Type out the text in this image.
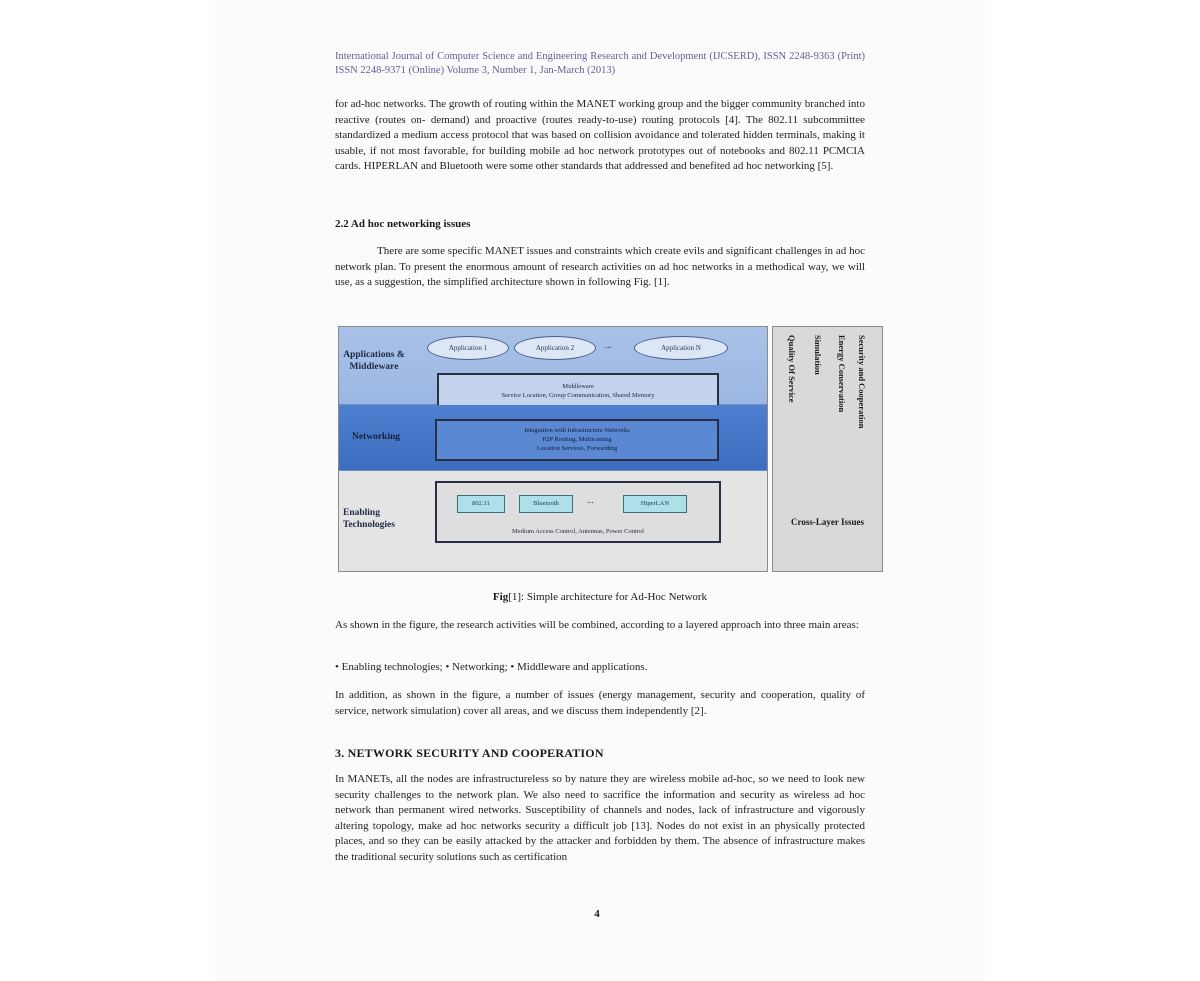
International Journal of Computer Science and Engineering Research and Development (IJCSERD), ISSN 2248-9363 (Print) ISSN 2248-9371 (Online) Volume 3, Number 1, Jan-March (2013)
for ad-hoc networks. The growth of routing within the MANET working group and the bigger community branched into reactive (routes on- demand) and proactive (routes ready-to-use) routing protocols [4]. The 802.11 subcommittee standardized a medium access protocol that was based on collision avoidance and tolerated hidden terminals, making it usable, if not most favorable, for building mobile ad hoc network prototypes out of notebooks and 802.11 PCMCIA cards. HIPERLAN and Bluetooth were some other standards that addressed and benefited ad hoc networking [5].
2.2 Ad hoc networking issues
There are some specific MANET issues and constraints which create evils and significant challenges in ad hoc network plan. To present the enormous amount of research activities on ad hoc networks in a methodical way, we will use, as a suggestion, the simplified architecture shown in following Fig. [1].
Applications & Middleware
Application 1	Application 2	...	Application N
Middleware
Service Location, Group Communication, Shared Memory
Networking
Integration with Infrastructure Networks
P2P Routing, Multicasting
Location Services, Forwarding
Enabling Technologies
802.11	Bluetooth	...	HiperLAN
Medium Access Control, Antennas, Power Control
Security and Cooperation
Energy Conservation
Simulation
Quality Of Service
Cross-Layer Issues
Fig[1]: Simple architecture for Ad-Hoc Network
As shown in the figure, the research activities will be combined, according to a layered approach into three main areas:
• Enabling technologies; • Networking; • Middleware and applications.
In addition, as shown in the figure, a number of issues (energy management, security and cooperation, quality of service, network simulation) cover all areas, and we discuss them independently [2].
3. NETWORK SECURITY AND COOPERATION
In MANETs, all the nodes are infrastructureless so by nature they are wireless mobile ad-hoc, so we need to look new security challenges to the network plan. We also need to sacrifice the information and security as wireless ad hoc network than permanent wired networks. Susceptibility of channels and nodes, lack of infrastructure and vigorously altering topology, make ad hoc networks security a difficult job [13]. Nodes do not exist in an physically protected places, and so they can be easily attacked by the attacker and forbidden by them. The absence of infrastructure makes the traditional security solutions such as certification
4
